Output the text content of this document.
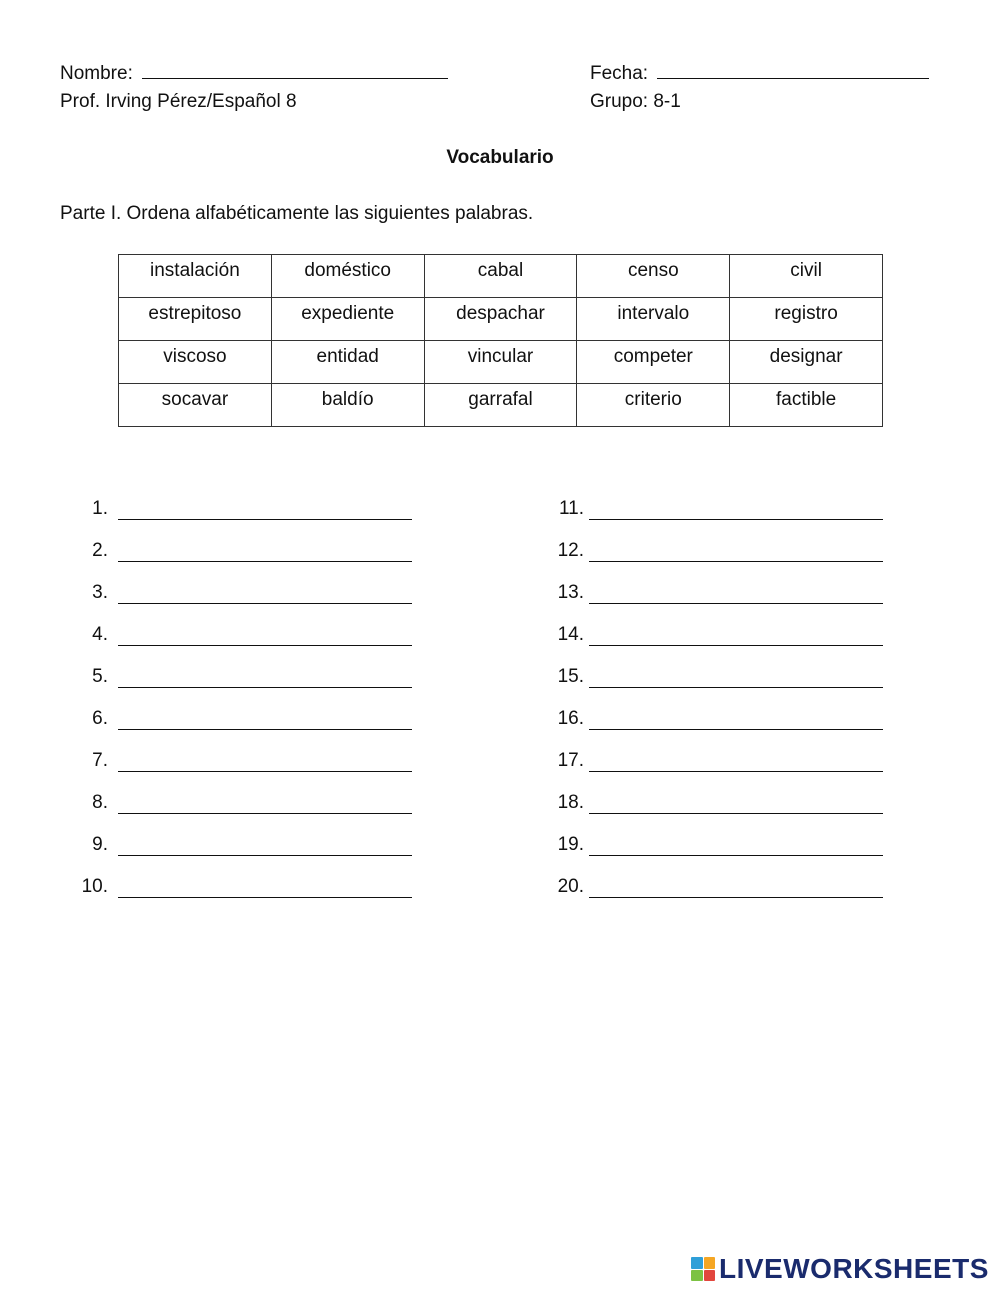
Nombre:
Prof. Irving Pérez/Español 8
Fecha:
Grupo: 8-1
Vocabulario
Parte I. Ordena alfabéticamente las siguientes palabras.
instalación	doméstico	cabal	censo	civil
estrepitoso	expediente	despachar	intervalo	registro
viscoso	entidad	vincular	competer	designar
socavar	baldío	garrafal	criterio	factible
1.
2.
3.
4.
5.
6.
7.
8.
9.
10.
11.
12.
13.
14.
15.
16.
17.
18.
19.
20.
LIVEWORKSHEETS
